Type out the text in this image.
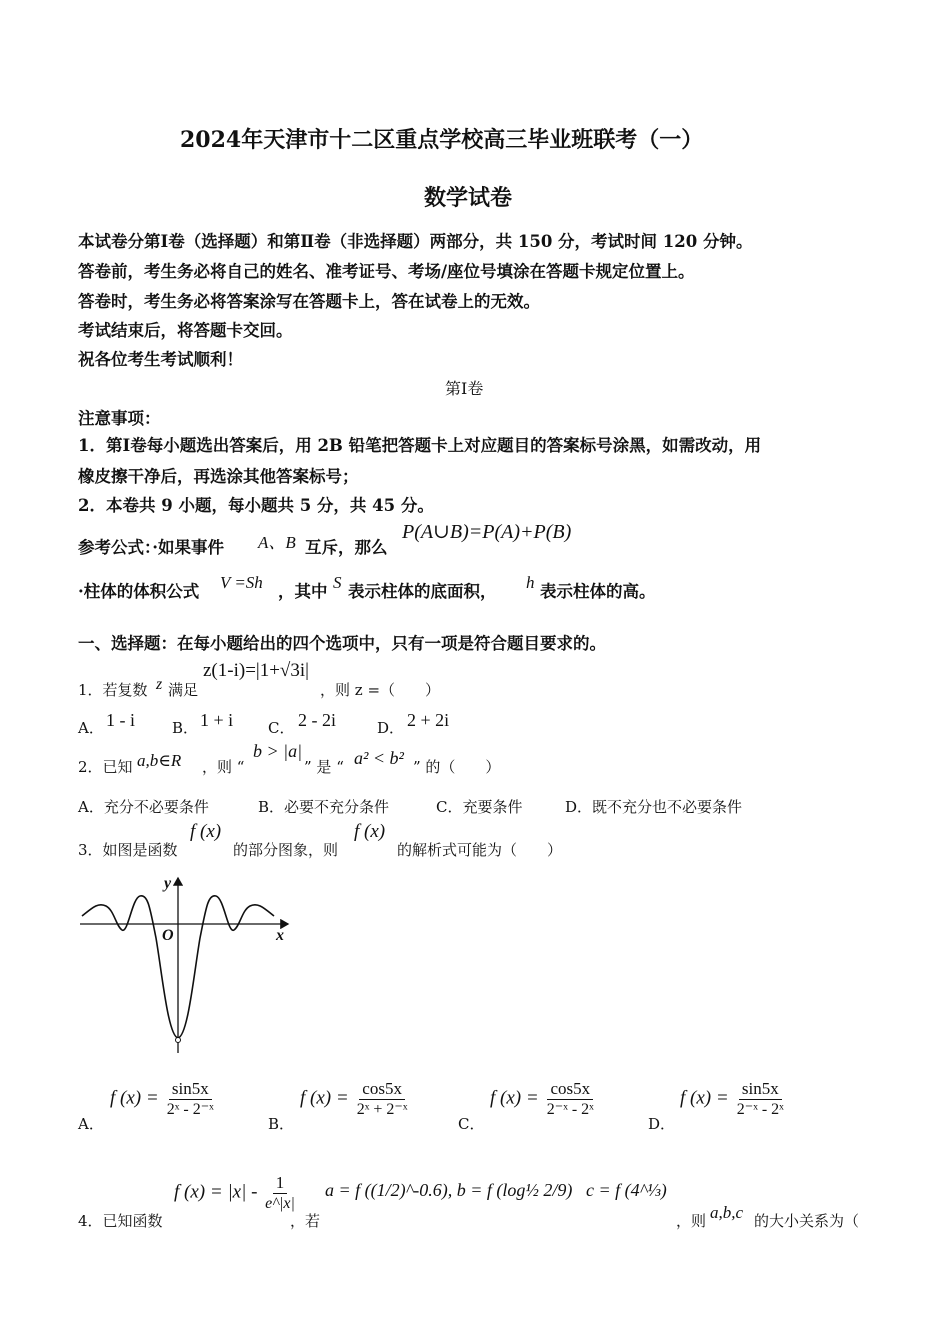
2024年天津市十二区重点学校高三毕业班联考（一）
数学试卷
本试卷分第Ⅰ卷（选择题）和第Ⅱ卷（非选择题）两部分，共 150 分，考试时间 120 分钟。
答卷前，考生务必将自己的姓名、准考证号、考场/座位号填涂在答题卡规定位置上。
答卷时，考生务必将答案涂写在答题卡上，答在试卷上的无效。
考试结束后，将答题卡交回。
祝各位考生考试顺利！
第Ⅰ卷
注意事项：
1．第Ⅰ卷每小题选出答案后，用 2B 铅笔把答题卡上对应题目的答案标号涂黑，如需改动，用
橡皮擦干净后，再选涂其他答案标号；
2．本卷共 9 小题，每小题共 5 分，共 45 分。
参考公式：·如果事件 A、B 互斥，那么
P(A∪B)=P(A)+P(B)
·柱体的体积公式 V =Sh ，其中 S 表示柱体的底面积， h 表示柱体的高。
一、选择题：在每小题给出的四个选项中，只有一项是符合题目要求的。
1．若复数 z 满足
z(1-i)=|1+√3i|
，则 z =（　　）
A． 1 - i B． 1 + i C． 2 - 2i	D． 2 + 2i
2．已知 a,b∈R ，则 “
b > |a|
” 是 “ a² < b² ” 的（　　）
A．充分不必要条件	B．必要不充分条件	C．充要条件	D．既不充分也不必要条件
3．如图是函数
f (x)
的部分图象，则
f (x)
的解析式可能为（　　）
y
x
O
A．
f $(x) = \frac{\sin 5x}{\text{2ˣ - 2⁻ˣ}}$
B．
f $(x) = \frac{\cos 5x}{\text{2ˣ + 2⁻ˣ}}$
C．
f $(x) = \frac{\cos 5x}{\text{2⁻ˣ - 2ˣ}}$
D．
f $(x) = \frac{\sin 5x}{\text{2⁻ˣ - 2ˣ}}$
4．已知函数
f $(x) = |x| - \frac{1}{e\^{}|x|}$
，若
a = f ((1/2)^-0.6), b = f (log½ 2/9) c = f (4^⅓)
，则 a,b,c 的大小关系为（
